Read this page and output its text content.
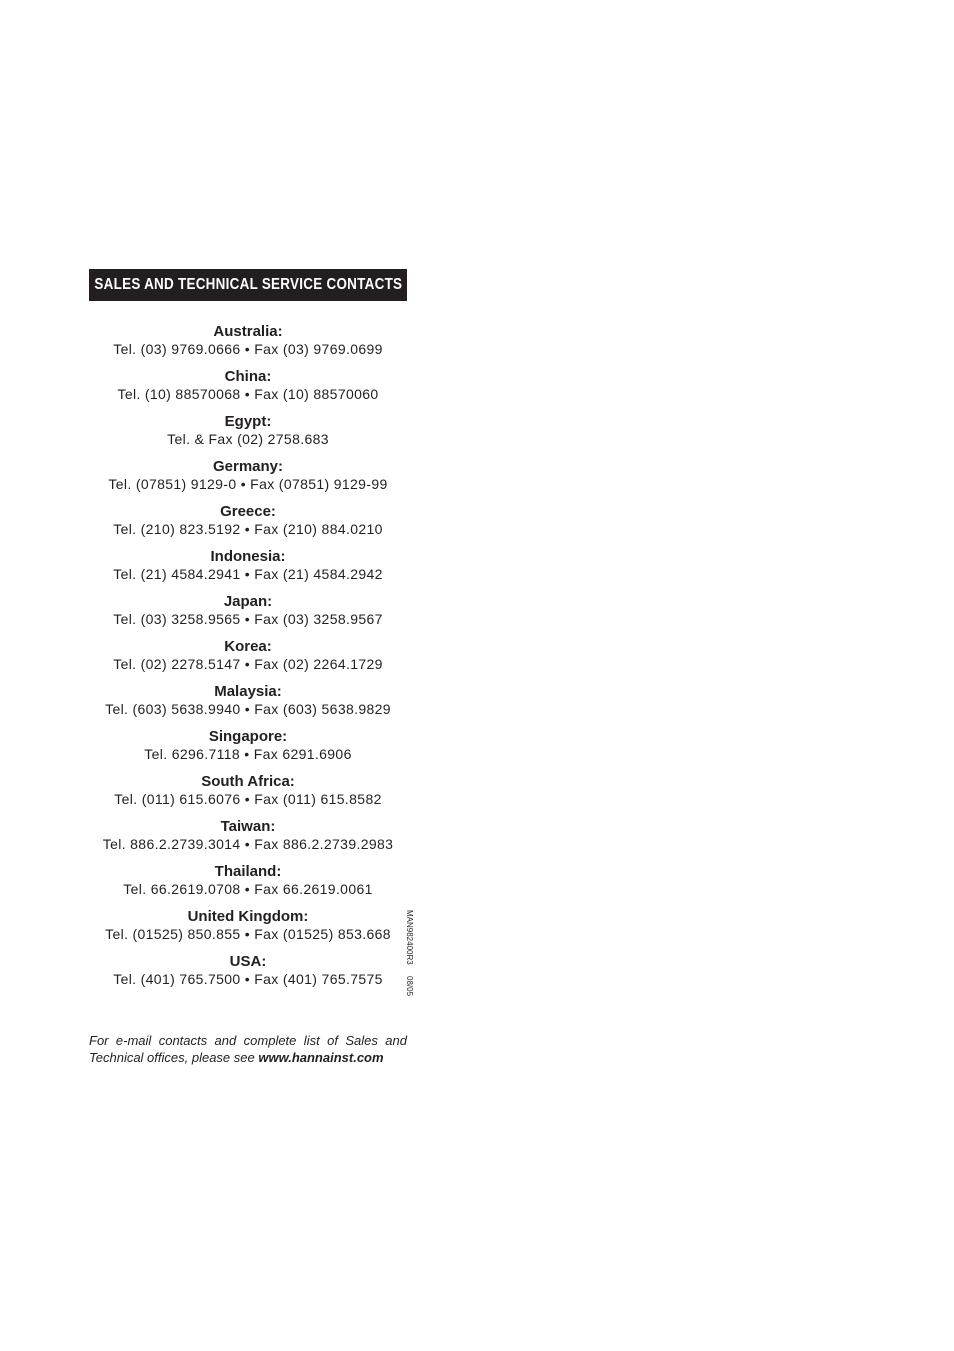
SALES AND TECHNICAL SERVICE CONTACTS
Australia:
Tel. (03) 9769.0666 • Fax (03) 9769.0699
China:
Tel. (10) 88570068 • Fax (10) 88570060
Egypt:
Tel. & Fax (02) 2758.683
Germany:
Tel. (07851) 9129-0 • Fax (07851) 9129-99
Greece:
Tel. (210) 823.5192 • Fax (210) 884.0210
Indonesia:
Tel. (21) 4584.2941 • Fax (21) 4584.2942
Japan:
Tel. (03) 3258.9565 • Fax (03) 3258.9567
Korea:
Tel. (02) 2278.5147 • Fax (02) 2264.1729
Malaysia:
Tel. (603) 5638.9940 • Fax (603) 5638.9829
Singapore:
Tel. 6296.7118 • Fax 6291.6906
South Africa:
Tel. (011) 615.6076 • Fax (011) 615.8582
Taiwan:
Tel. 886.2.2739.3014 • Fax 886.2.2739.2983
Thailand:
Tel. 66.2619.0708 • Fax 66.2619.0061
United Kingdom:
Tel. (01525) 850.855 • Fax (01525) 853.668
USA:
Tel. (401) 765.7500 • Fax (401) 765.7575
MAN982400R3
08/05
For e-mail contacts and complete list of Sales and Technical offices, please see www.hannainst.com
